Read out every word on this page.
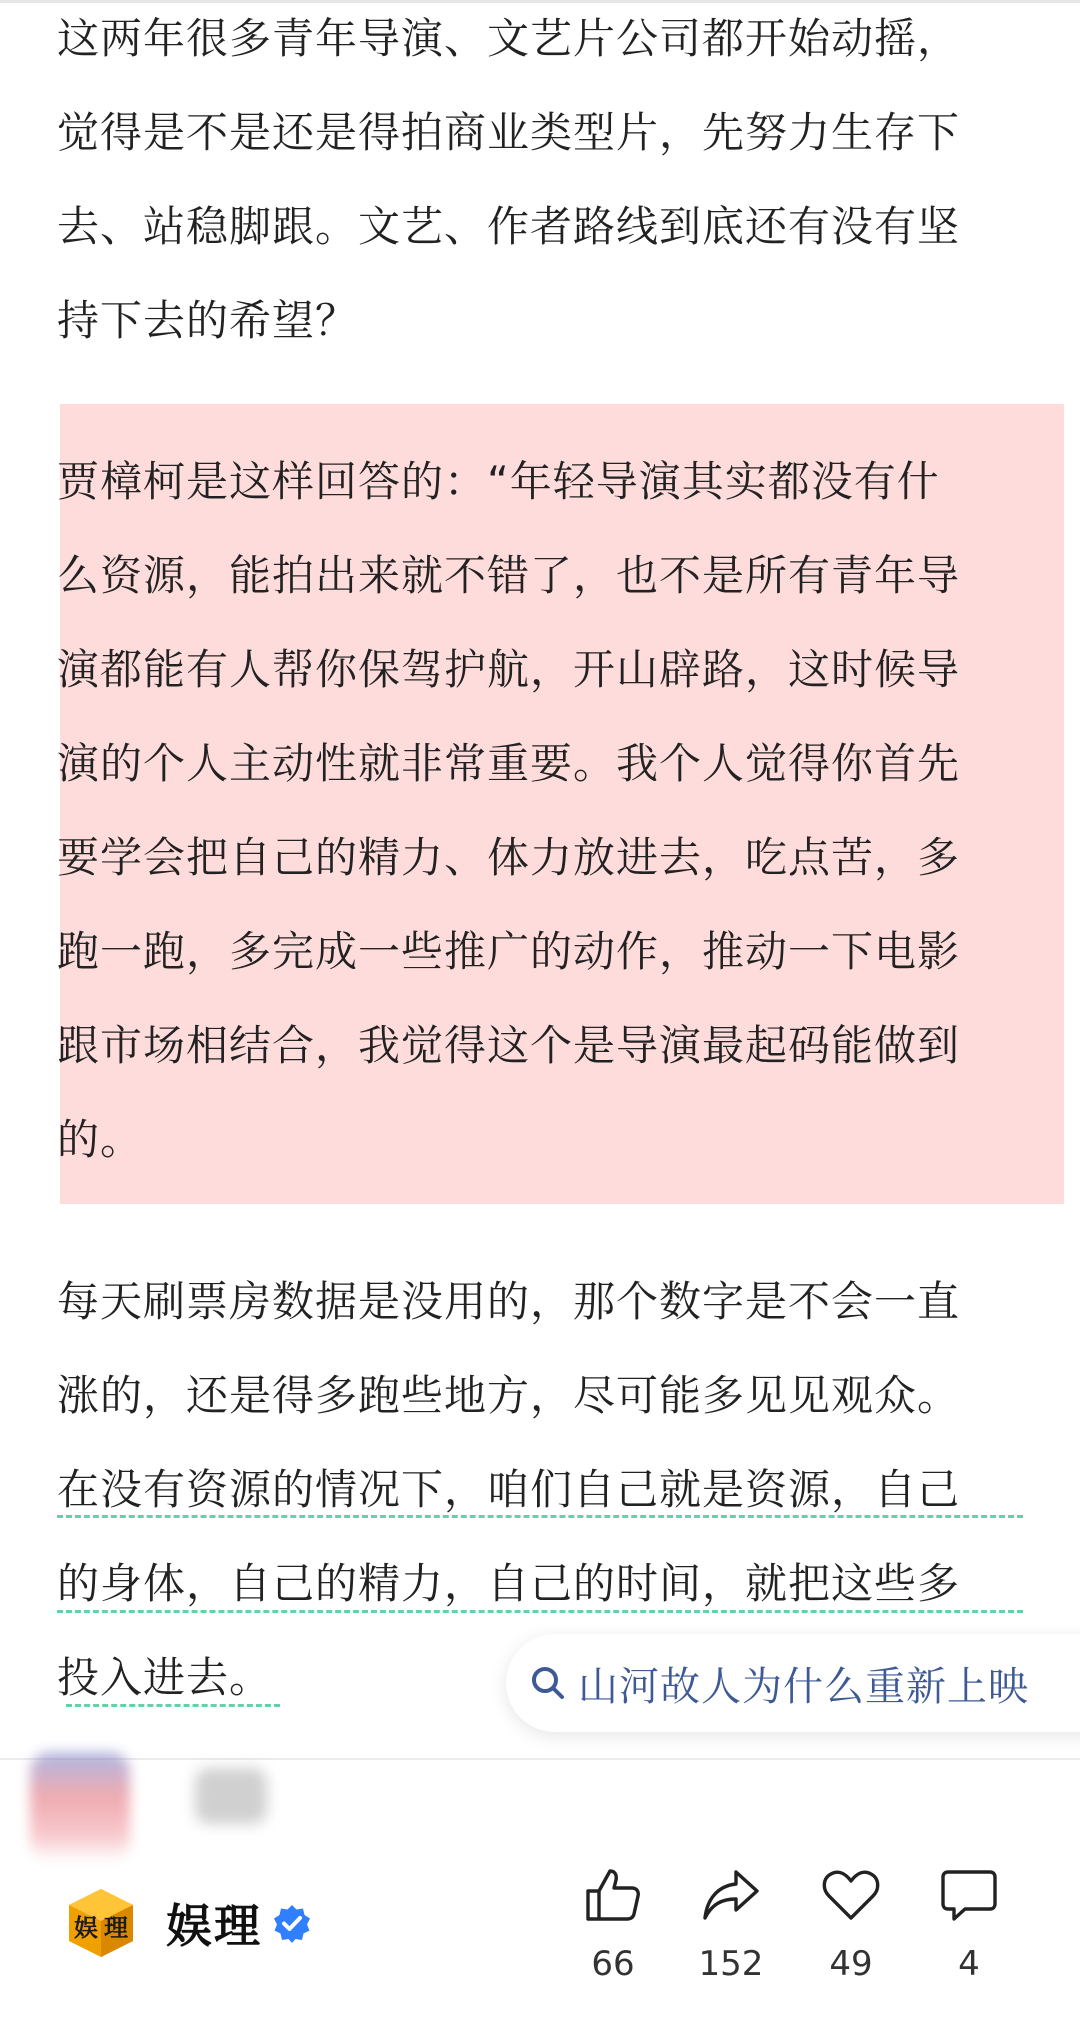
这两年很多青年导演、文艺片公司都开始动摇，
觉得是不是还是得拍商业类型片，先努力生存下
去、站稳脚跟。文艺、作者路线到底还有没有坚
持下去的希望？
贾樟柯是这样回答的：“年轻导演其实都没有什
么资源，能拍出来就不错了，也不是所有青年导
演都能有人帮你保驾护航，开山辟路，这时候导
演的个人主动性就非常重要。我个人觉得你首先
要学会把自己的精力、体力放进去，吃点苦，多
跑一跑，多完成一些推广的动作，推动一下电影
跟市场相结合，我觉得这个是导演最起码能做到
的。
每天刷票房数据是没用的，那个数字是不会一直
涨的，还是得多跑些地方，尽可能多见见观众。
在没有资源的情况下，咱们自己就是资源，自己
的身体，自己的精力，自己的时间，就把这些多
投入进去。	山河故人为什么重新上映
娱 理 娱理
66	152	49	4
